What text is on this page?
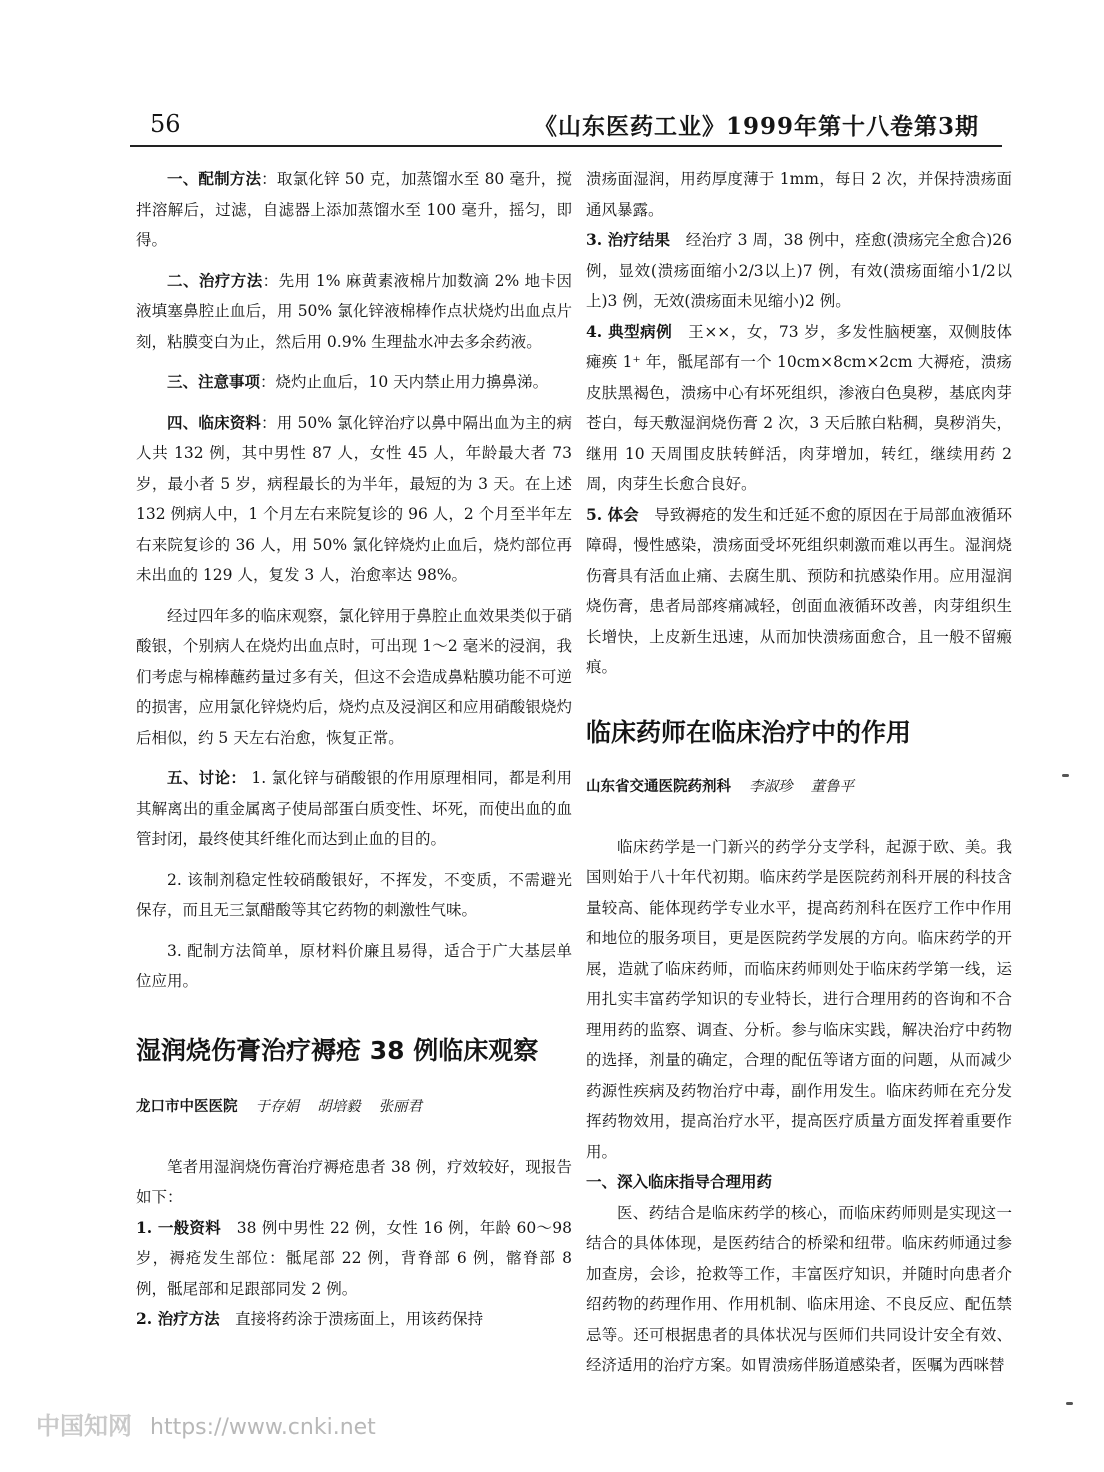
56	《山东医药工业》1999年第十八卷第3期

一、配制方法：取氯化锌 50 克，加蒸馏水至 80 毫升，搅拌溶解后，过滤，自滤器上添加蒸馏水至 100 毫升，摇匀，即得。

二、治疗方法：先用 1% 麻黄素液棉片加数滴 2% 地卡因液填塞鼻腔止血后，用 50% 氯化锌液棉棒作点状烧灼出血点片刻，粘膜变白为止，然后用 0.9% 生理盐水冲去多余药液。

三、注意事项：烧灼止血后，10 天内禁止用力擤鼻涕。

四、临床资料：用 50% 氯化锌治疗以鼻中隔出血为主的病人共 132 例，其中男性 87 人，女性 45 人，年龄最大者 73 岁，最小者 5 岁，病程最长的为半年，最短的为 3 天。在上述 132 例病人中，1 个月左右来院复诊的 96 人，2 个月至半年左右来院复诊的 36 人，用 50% 氯化锌烧灼止血后，烧灼部位再未出血的 129 人，复发 3 人，治愈率达 98%。

经过四年多的临床观察，氯化锌用于鼻腔止血效果类似于硝酸银，个别病人在烧灼出血点时，可出现 1～2 毫米的浸润，我们考虑与棉棒蘸药量过多有关，但这不会造成鼻粘膜功能不可逆的损害，应用氯化锌烧灼后，烧灼点及浸润区和应用硝酸银烧灼后相似，约 5 天左右治愈，恢复正常。

五、讨论： 1. 氯化锌与硝酸银的作用原理相同，都是利用其解离出的重金属离子使局部蛋白质变性、坏死，而使出血的血管封闭，最终使其纤维化而达到止血的目的。

2. 该制剂稳定性较硝酸银好，不挥发，不变质，不需避光保存，而且无三氯醋酸等其它药物的刺激性气味。

3. 配制方法简单，原材料价廉且易得，适合于广大基层单位应用。

湿润烧伤膏治疗褥疮 38 例临床观察

龙口市中医医院 于存娟 胡培毅 张丽君

笔者用湿润烧伤膏治疗褥疮患者 38 例，疗效较好，现报告如下：

1. 一般资料　38 例中男性 22 例，女性 16 例，年龄 60～98 岁，褥疮发生部位：骶尾部 22 例，背脊部 6 例，髂脊部 8 例，骶尾部和足跟部同发 2 例。

2. 治疗方法　直接将药涂于溃疡面上，用该药保持

溃疡面湿润，用药厚度薄于 1mm，每日 2 次，并保持溃疡面通风暴露。

3. 治疗结果　经治疗 3 周，38 例中，痊愈(溃疡完全愈合)26 例，显效(溃疡面缩小2/3以上)7 例，有效(溃疡面缩小1/2以上)3 例，无效(溃疡面未见缩小)2 例。

4. 典型病例　王××，女，73 岁，多发性脑梗塞，双侧肢体瘫痪 1⁺ 年，骶尾部有一个 10cm×8cm×2cm 大褥疮，溃疡皮肤黑褐色，溃疡中心有坏死组织，渗液白色臭秽，基底肉芽苍白，每天敷湿润烧伤膏 2 次，3 天后脓白粘稠，臭秽消失，继用 10 天周围皮肤转鲜活，肉芽增加，转红，继续用药 2 周，肉芽生长愈合良好。

5. 体会　导致褥疮的发生和迁延不愈的原因在于局部血液循环障碍，慢性感染，溃疡面受坏死组织刺激而难以再生。湿润烧伤膏具有活血止痛、去腐生肌、预防和抗感染作用。应用湿润烧伤膏，患者局部疼痛减轻，创面血液循环改善，肉芽组织生长增快，上皮新生迅速，从而加快溃疡面愈合，且一般不留瘢痕。

临床药师在临床治疗中的作用

山东省交通医院药剂科 李淑珍 董鲁平

临床药学是一门新兴的药学分支学科，起源于欧、美。我国则始于八十年代初期。临床药学是医院药剂科开展的科技含量较高、能体现药学专业水平，提高药剂科在医疗工作中作用和地位的服务项目，更是医院药学发展的方向。临床药学的开展，造就了临床药师，而临床药师则处于临床药学第一线，运用扎实丰富药学知识的专业特长，进行合理用药的咨询和不合理用药的监察、调查、分析。参与临床实践，解决治疗中药物的选择，剂量的确定，合理的配伍等诸方面的问题，从而减少药源性疾病及药物治疗中毒，副作用发生。临床药师在充分发挥药物效用，提高治疗水平，提高医疗质量方面发挥着重要作用。

一、深入临床指导合理用药

医、药结合是临床药学的核心，而临床药师则是实现这一结合的具体体现，是医药结合的桥梁和纽带。临床药师通过参加查房，会诊，抢救等工作，丰富医疗知识，并随时向患者介绍药物的药理作用、作用机制、临床用途、不良反应、配伍禁忌等。还可根据患者的具体状况与医师们共同设计安全有效、经济适用的治疗方案。如胃溃疡伴肠道感染者，医嘱为西咪替

中国知网 https://www.cnki.net
